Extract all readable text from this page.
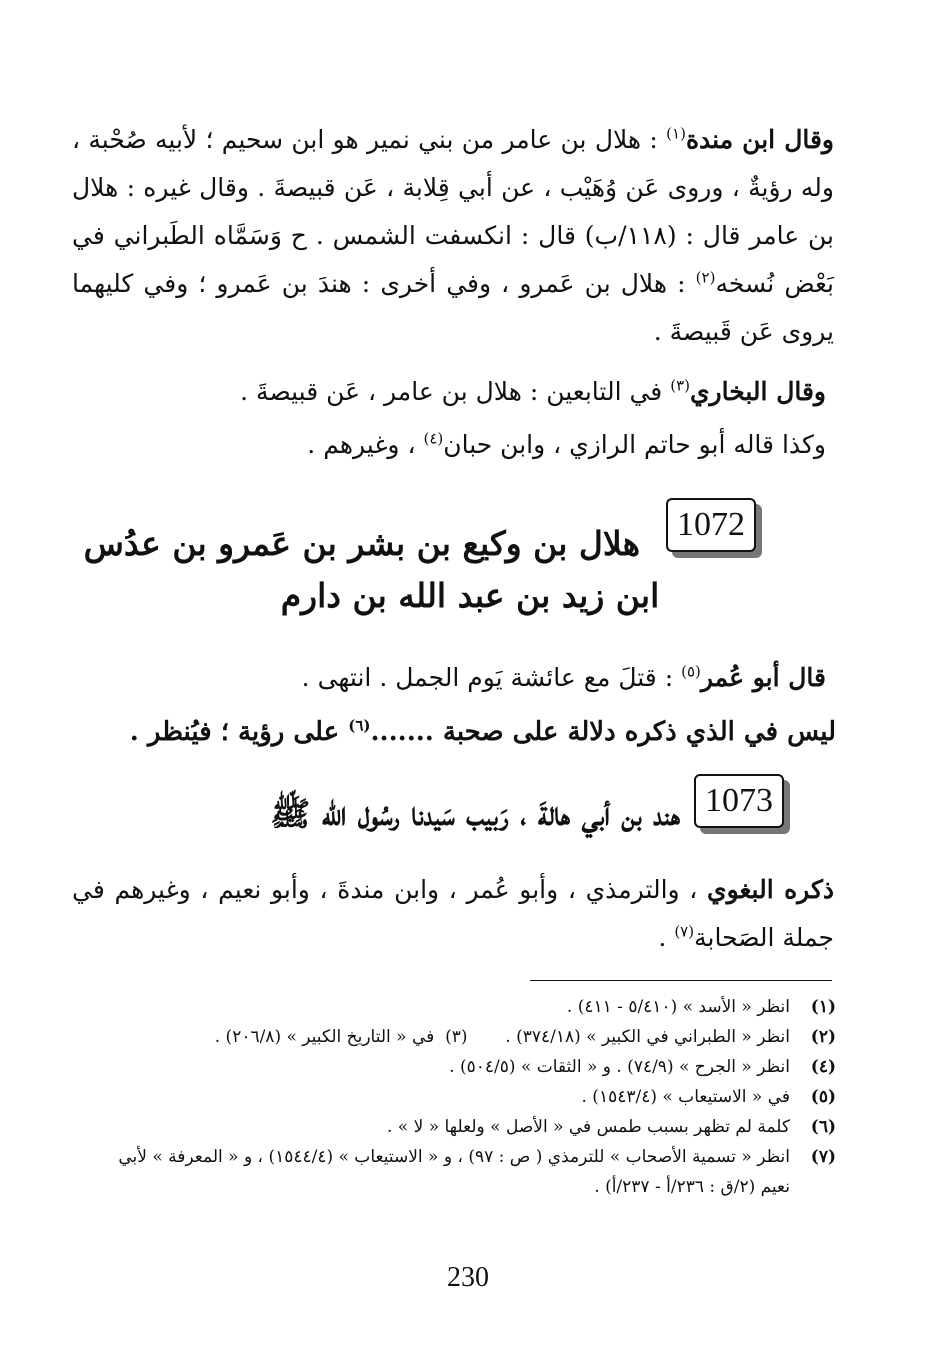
وقال ابن مندة$^{(١)}$ : هلال بن عامر من بني نمير هو ابن سحيم ؛ لأبيه صُحْبة ، وله رؤيةٌ ، وروى عَن وُهَيْب ، عن أبي قِلابة ، عَن قبيصةَ . وقال غيره : هلال بن عامر قال : (١١٨/ب) قال : انكسفت الشمس . ح وَسَمَّاه الطَبراني في بَعْض نُسخه$^{(٢)}$ : هلال بن عَمرو ، وفي أخرى : هندَ بن عَمرو ؛ وفي كليهما يروى عَن قَبيصةَ .
وقال البخاري$^{(٣)}$ في التابعين : هلال بن عامر ، عَن قبيصةَ .
وكذا قاله أبو حاتم الرازي ، وابن حبان$^{(٤)}$ ، وغيرهم .
1072
هلال بن وكيع بن بشر بن عَمرو بن عدُس
ابن زيد بن عبد الله بن دارم
قال أبو عُمر$^{(٥)}$ : قتلَ مع عائشة يَوم الجمل . انتهى .
ليس في الذي ذكره دلالة على صحبة .......$^{(٦)}$ على رؤية ؛ فيُنظر .
1073
هند بن أبي هالةَ ، رَبيب سَيدنا رسُول الله ﷺ
ذكره البغوي ، والترمذي ، وأبو عُمر ، وابن مندةَ ، وأبو نعيم ، وغيرهم في جملة الصَحابة$^{(٧)}$ .
(١)
انظر « الأسد » (٥/٤١٠ - ٤١١) .
(٢)
انظر « الطبراني في الكبير » (٣٧٤/١٨) .       (٣)  في « التاريخ الكبير » (٢٠٦/٨) .
(٤)
انظر « الجرح » (٧٤/٩) . و « الثقات » (٥٠٤/٥) .
(٥)
في « الاستيعاب » (١٥٤٣/٤) .
(٦)
كلمة لم تظهر بسبب طمس في « الأصل » ولعلها « لا » .
(٧)
انظر « تسمية الأصحاب » للترمذي ( ص : ٩٧) ، و « الاستيعاب » (١٥٤٤/٤) ، و « المعرفة » لأبي نعيم (٢/ق : ٢٣٦/أ - ٢٣٧/أ) .
230
